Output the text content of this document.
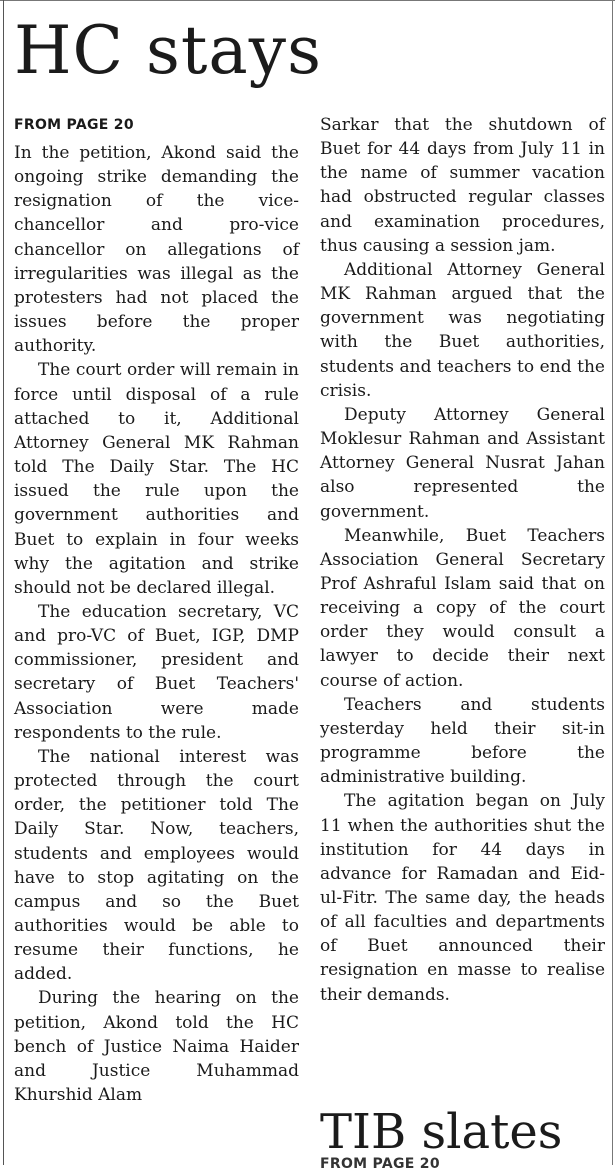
HC stays
FROM PAGE 20

In the petition, Akond said the ongoing strike demanding the resignation of the vice-chancellor and pro-vice chancellor on allegations of irregularities was illegal as the protesters had not placed the issues before the proper authority.

The court order will remain in force until disposal of a rule attached to it, Additional Attorney General MK Rahman told The Daily Star. The HC issued the rule upon the government authorities and Buet to explain in four weeks why the agitation and strike should not be declared illegal.

The education secretary, VC and pro-VC of Buet, IGP, DMP commissioner, president and secretary of Buet Teachers' Association were made respondents to the rule.

The national interest was protected through the court order, the petitioner told The Daily Star. Now, teachers, students and employees would have to stop agitating on the campus and so the Buet authorities would be able to resume their functions, he added.

During the hearing on the petition, Akond told the HC bench of Justice Naima Haider and Justice Muhammad Khurshid Alam

Sarkar that the shutdown of Buet for 44 days from July 11 in the name of summer vacation had obstructed regular classes and examination procedures, thus causing a session jam.

Additional Attorney General MK Rahman argued that the government was negotiating with the Buet authorities, students and teachers to end the crisis.

Deputy Attorney General Moklesur Rahman and Assistant Attorney General Nusrat Jahan also represented the government.

Meanwhile, Buet Teachers Association General Secretary Prof Ashraful Islam said that on receiving a copy of the court order they would consult a lawyer to decide their next course of action.

Teachers and students yesterday held their sit-in programme before the administrative building.

The agitation began on July 11 when the authorities shut the institution for 44 days in advance for Ramadan and Eid-ul-Fitr. The same day, the heads of all faculties and departments of Buet announced their resignation en masse to realise their demands.

TIB slates
FROM PAGE 20
